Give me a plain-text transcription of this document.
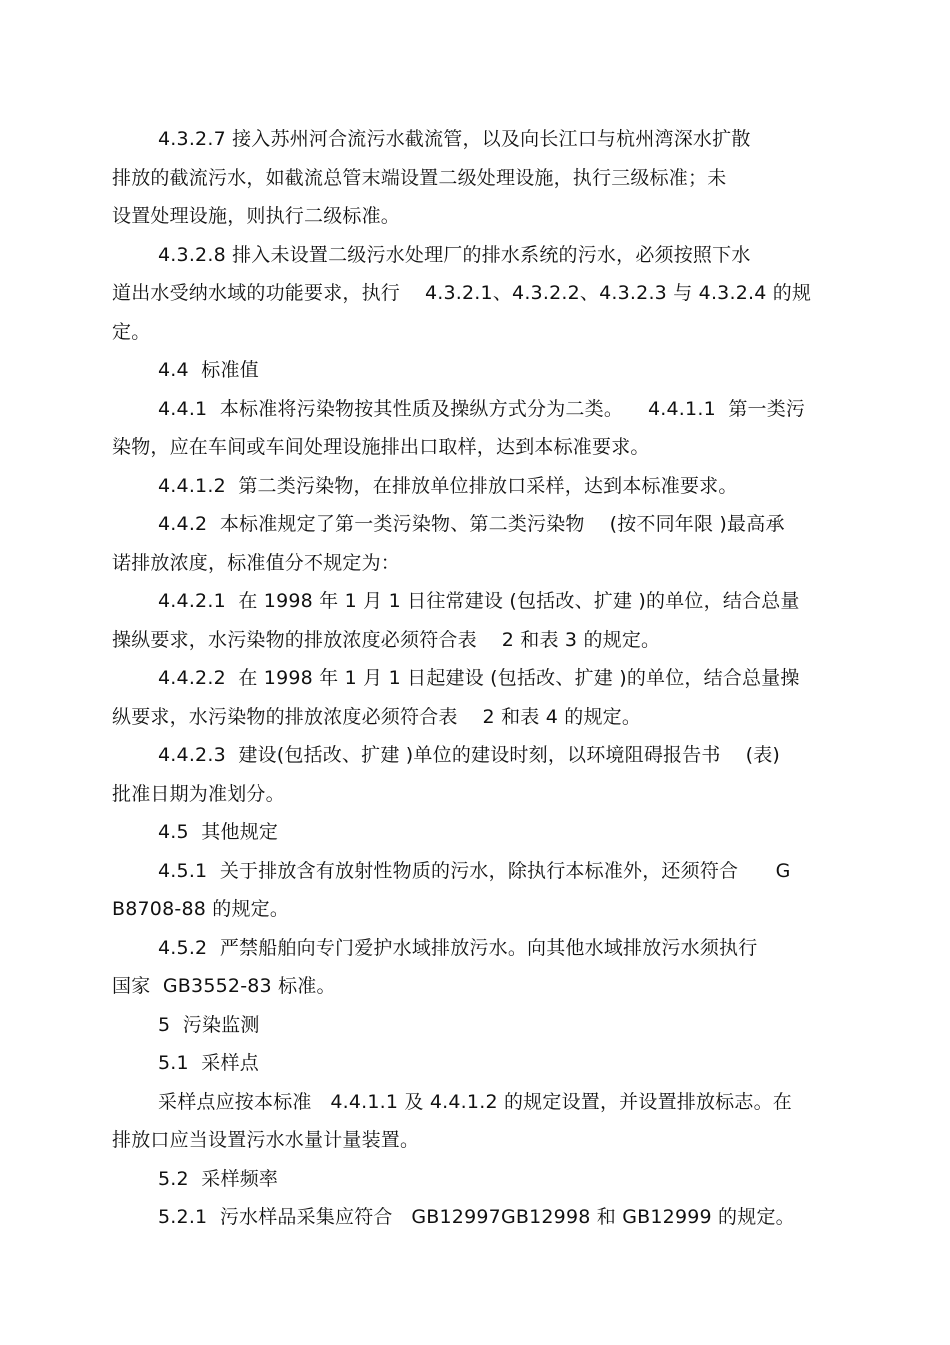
4.3.2.7 接入苏州河合流污水截流管，以及向长江口与杭州湾深水扩散
排放的截流污水，如截流总管末端设置二级处理设施，执行三级标准；未
设置处理设施，则执行二级标准。
4.3.2.8 排入未设置二级污水处理厂的排水系统的污水，必须按照下水
道出水受纳水域的功能要求，执行    4.3.2.1、4.3.2.2、4.3.2.3 与 4.3.2.4 的规
定。
4.4  标准值
4.4.1  本标准将污染物按其性质及操纵方式分为二类。    4.4.1.1  第一类污
染物，应在车间或车间处理设施排出口取样，达到本标准要求。
4.4.1.2  第二类污染物，在排放单位排放口采样，达到本标准要求。
4.4.2  本标准规定了第一类污染物、第二类污染物    (按不同年限 )最高承
诺排放浓度，标准值分不规定为：
4.4.2.1  在 1998 年 1 月 1 日往常建设 (包括改、扩建 )的单位，结合总量
操纵要求，水污染物的排放浓度必须符合表    2 和表 3 的规定。
4.4.2.2  在 1998 年 1 月 1 日起建设 (包括改、扩建 )的单位，结合总量操
纵要求，水污染物的排放浓度必须符合表    2 和表 4 的规定。
4.4.2.3  建设(包括改、扩建 )单位的建设时刻，以环境阻碍报告书    (表)
批准日期为准划分。
4.5  其他规定
4.5.1  关于排放含有放射性物质的污水，除执行本标准外，还须符合      G
B8708-88 的规定。
4.5.2  严禁船舶向专门爱护水域排放污水。向其他水域排放污水须执行
国家  GB3552-83 标准。
5  污染监测
5.1  采样点
采样点应按本标准   4.4.1.1 及 4.4.1.2 的规定设置，并设置排放标志。在
排放口应当设置污水水量计量装置。
5.2  采样频率
5.2.1  污水样品采集应符合   GB12997GB12998 和 GB12999 的规定。
